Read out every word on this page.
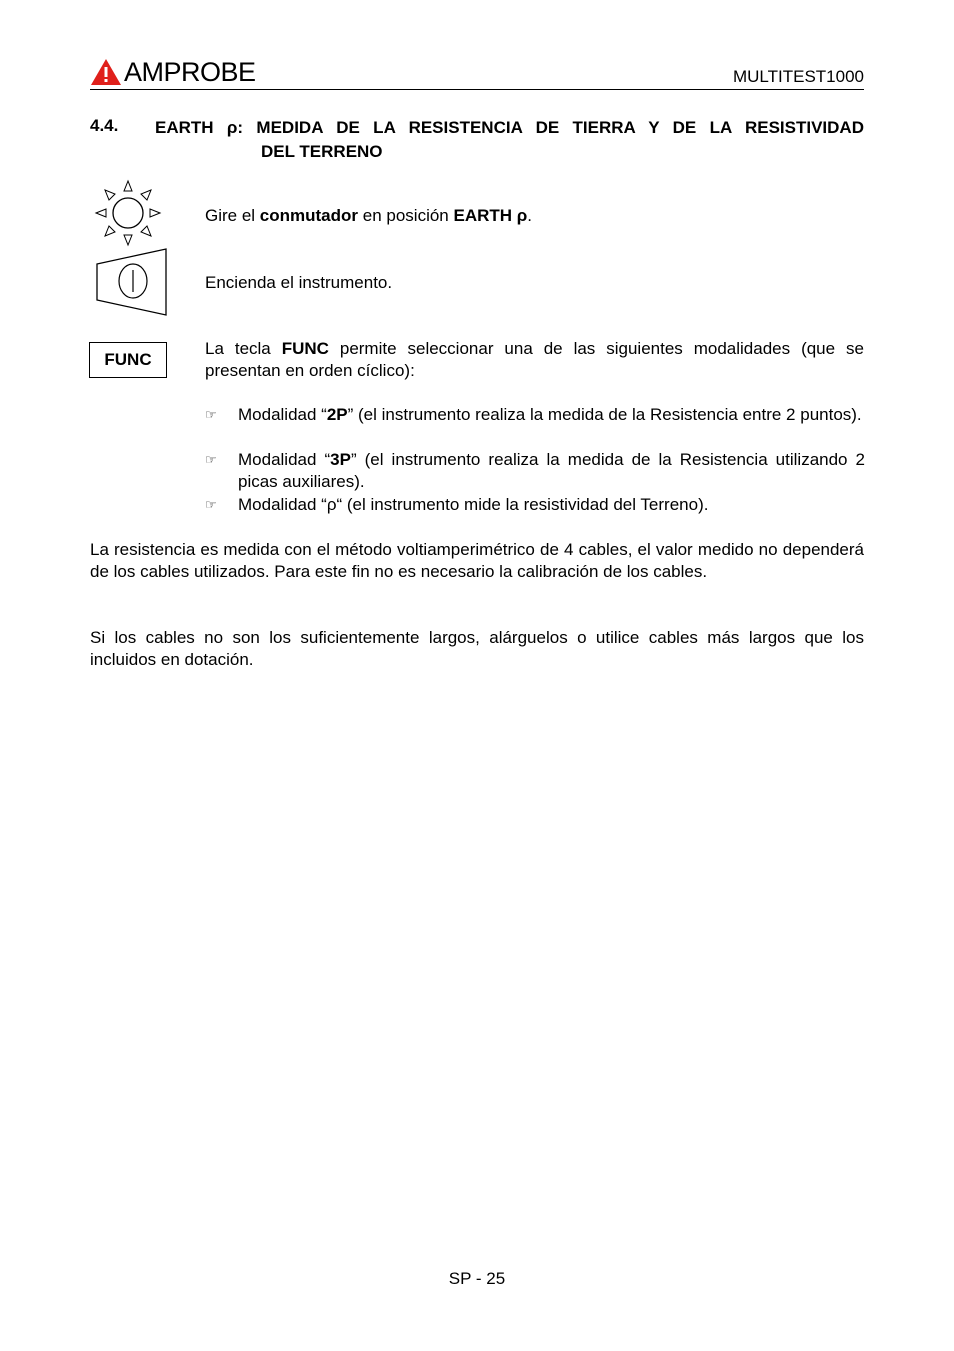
AMPROBE	MULTITEST1000
4.4. EARTH ρ: MEDIDA DE LA RESISTENCIA DE TIERRA Y DE LA RESISTIVIDAD
DEL TERRENO

Gire el conmutador en posición EARTH ρ.

Encienda el instrumento.

FUNC

La tecla FUNC permite seleccionar una de las siguientes modalidades (que se presentan en orden cíclico):

☞	Modalidad “2P” (el instrumento realiza la medida de la Resistencia entre 2 puntos).
☞	Modalidad “3P” (el instrumento realiza la medida de la Resistencia utilizando 2 picas auxiliares).
☞	Modalidad “ρ“ (el instrumento mide la resistividad del Terreno).

La resistencia es medida con el método voltiamperimétrico de 4 cables, el valor medido no dependerá de los cables utilizados. Para este fin no es necesario la calibración de los cables.

Si los cables no son los suficientemente largos, alárguelos o utilice cables más largos que los incluidos en dotación.

SP - 25
